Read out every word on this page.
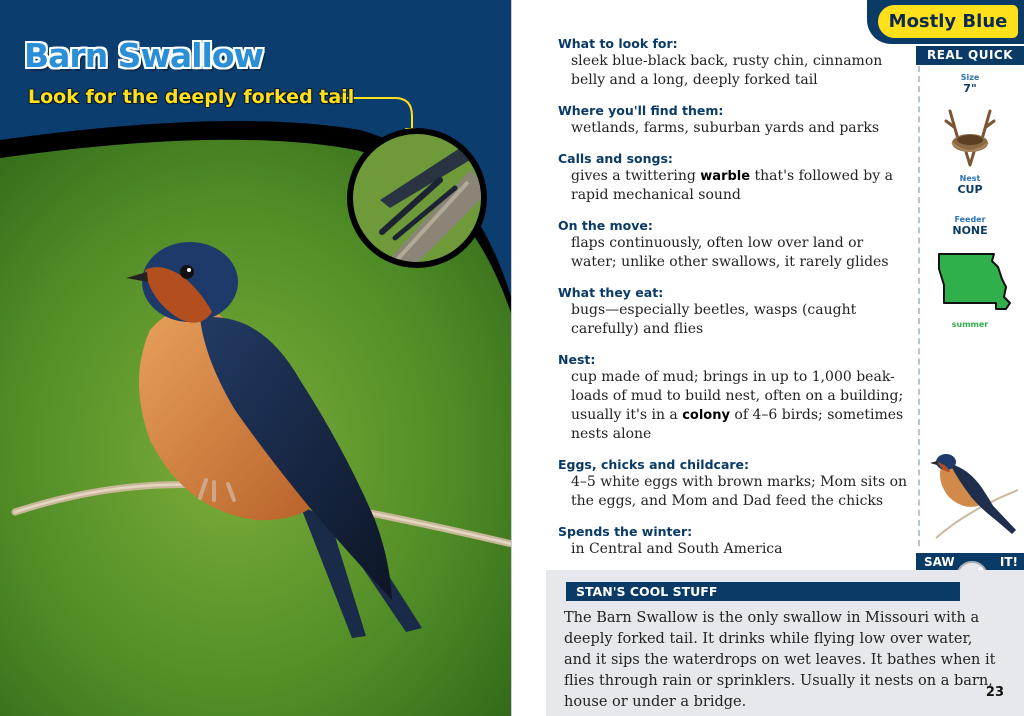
Barn Swallow
Look for the deeply forked tail
Mostly Blue
What to look for:
sleek blue-black back, rusty chin, cinnamon belly and a long, deeply forked tail
Where you'll find them:
wetlands, farms, suburban yards and parks
Calls and songs:
gives a twittering warble that's followed by a rapid mechanical sound
On the move:
flaps continuously, often low over land or water; unlike other swallows, it rarely glides
What they eat:
bugs—especially beetles, wasps (caught carefully) and flies
Nest:
cup made of mud; brings in up to 1,000 beak-loads of mud to build nest, often on a building; usually it's in a colony of 4–6 birds; sometimes nests alone
Eggs, chicks and childcare:
4–5 white eggs with brown marks; Mom sits on the eggs, and Mom and Dad feed the chicks
Spends the winter:
in Central and South America
REAL QUICK
Size
7"
Nest
CUP
Feeder
NONE
summer
SAW	IT!
STAN'S COOL STUFF
The Barn Swallow is the only swallow in Missouri with a deeply forked tail. It drinks while flying low over water, and it sips the waterdrops on wet leaves. It bathes when it flies through rain or sprinklers. Usually it nests on a barn, house or under a bridge.
23
